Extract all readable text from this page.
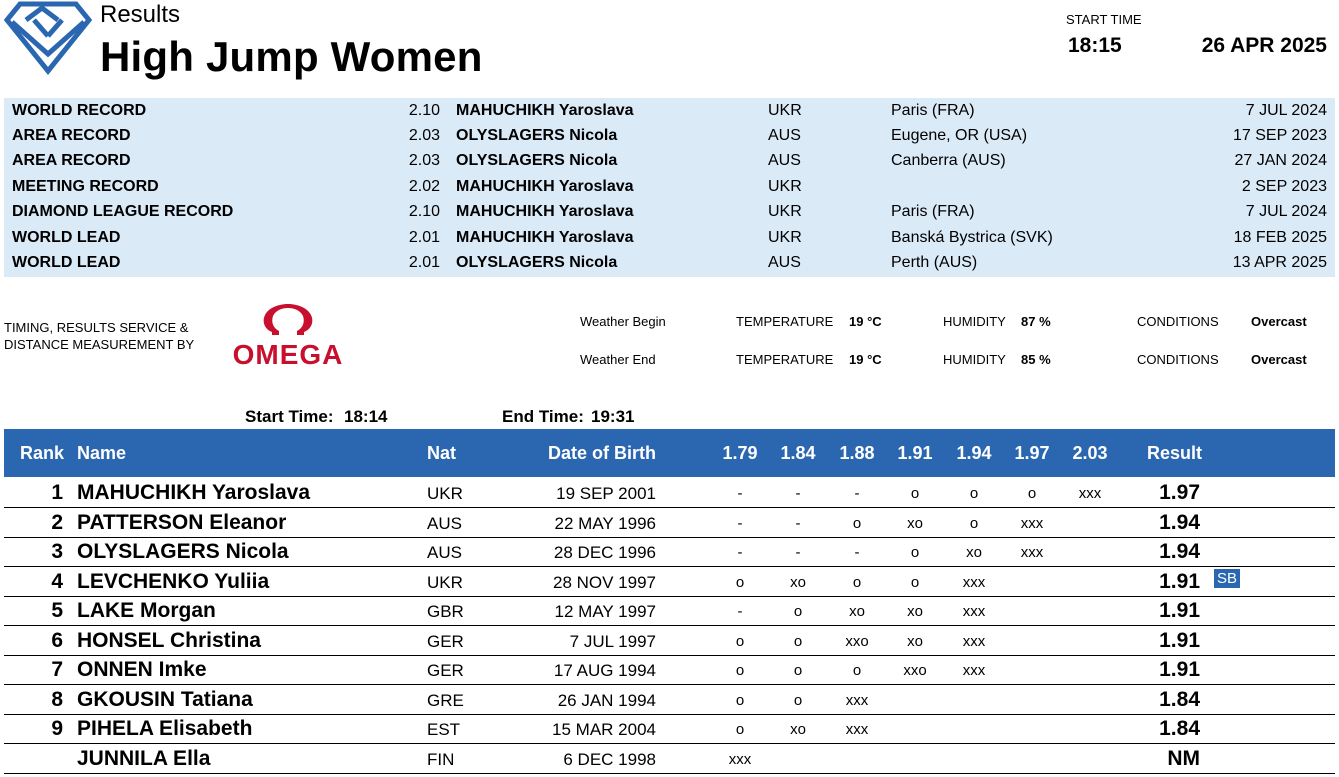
Results
High Jump Women
START TIME
18:15	26 APR 2025
WORLD RECORD	2.10 MAHUCHIKH Yaroslava	UKR	Paris (FRA)	7 JUL 2024
AREA RECORD	2.03 OLYSLAGERS Nicola	AUS	Eugene, OR (USA)	17 SEP 2023
AREA RECORD	2.03 OLYSLAGERS Nicola	AUS	Canberra (AUS)	27 JAN 2024
MEETING RECORD	2.02 MAHUCHIKH Yaroslava	UKR	2 SEP 2023
DIAMOND LEAGUE RECORD	2.10 MAHUCHIKH Yaroslava	UKR	Paris (FRA)	7 JUL 2024
WORLD LEAD	2.01 MAHUCHIKH Yaroslava	UKR	Banská Bystrica (SVK)	18 FEB 2025
WORLD LEAD	2.01 OLYSLAGERS Nicola	AUS	Perth (AUS)	13 APR 2025
TIMING, RESULTS SERVICE &
DISTANCE MEASUREMENT BY OMEGA
Weather Begin	TEMPERATURE 19 °C	HUMIDITY 87 %	CONDITIONS Overcast
Weather End	TEMPERATURE 19 °C	HUMIDITY 85 %	CONDITIONS Overcast
Start Time: 18:14	End Time: 19:31
Rank Name	Nat	Date of Birth	1.79	1.84	1.88	1.91	1.94	1.97	2.03	Result
1 MAHUCHIKH Yaroslava	UKR	19 SEP 2001	-	-	-	o	o	o	xxx	1.97
2 PATTERSON Eleanor	AUS	22 MAY 1996	-	-	o	xo	o	xxx	1.94
3 OLYSLAGERS Nicola	AUS	28 DEC 1996	-	-	-	o	xo	xxx	1.94
4 LEVCHENKO Yuliia	UKR	28 NOV 1997	o	xo	o	o	xxx	1.91 SB
5 LAKE Morgan	GBR	12 MAY 1997	-	o	xo	xo	xxx	1.91
6 HONSEL Christina	GER	7 JUL 1997	o	o	xxo	xo	xxx	1.91
7 ONNEN Imke	GER	17 AUG 1994	o	o	o	xxo	xxx	1.91
8 GKOUSIN Tatiana	GRE	26 JAN 1994	o	o	xxx	1.84
9 PIHELA Elisabeth	EST	15 MAR 2004	o	xo	xxx	1.84
JUNNILA Ella	FIN	6 DEC 1998	xxx	NM
